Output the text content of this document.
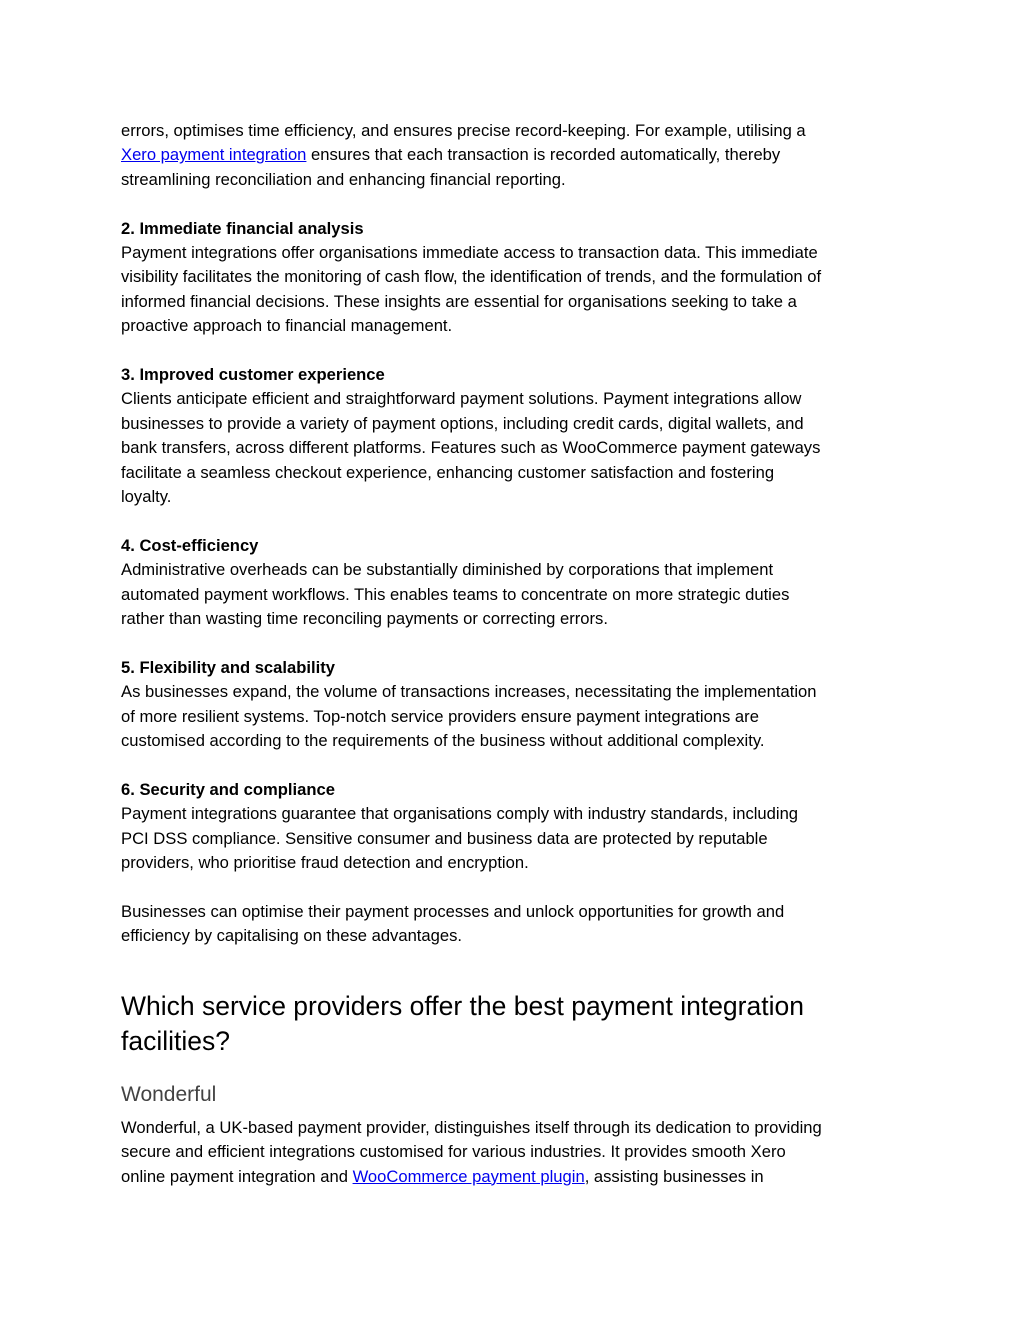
errors, optimises time efficiency, and ensures precise record-keeping. For example, utilising a
Xero payment integration ensures that each transaction is recorded automatically, thereby
streamlining reconciliation and enhancing financial reporting.

2. Immediate financial analysis

Payment integrations offer organisations immediate access to transaction data. This immediate
visibility facilitates the monitoring of cash flow, the identification of trends, and the formulation of
informed financial decisions. These insights are essential for organisations seeking to take a
proactive approach to financial management.

3. Improved customer experience

Clients anticipate efficient and straightforward payment solutions. Payment integrations allow
businesses to provide a variety of payment options, including credit cards, digital wallets, and
bank transfers, across different platforms. Features such as WooCommerce payment gateways
facilitate a seamless checkout experience, enhancing customer satisfaction and fostering
loyalty.

4. Cost-efficiency

Administrative overheads can be substantially diminished by corporations that implement
automated payment workflows. This enables teams to concentrate on more strategic duties
rather than wasting time reconciling payments or correcting errors.

5. Flexibility and scalability

As businesses expand, the volume of transactions increases, necessitating the implementation
of more resilient systems. Top-notch service providers ensure payment integrations are
customised according to the requirements of the business without additional complexity.

6. Security and compliance

Payment integrations guarantee that organisations comply with industry standards, including
PCI DSS compliance. Sensitive consumer and business data are protected by reputable
providers, who prioritise fraud detection and encryption.

Businesses can optimise their payment processes and unlock opportunities for growth and
efficiency by capitalising on these advantages.

Which service providers offer the best payment integration
facilities?
Wonderful

Wonderful, a UK-based payment provider, distinguishes itself through its dedication to providing
secure and efficient integrations customised for various industries. It provides smooth Xero
online payment integration and WooCommerce payment plugin, assisting businesses in
